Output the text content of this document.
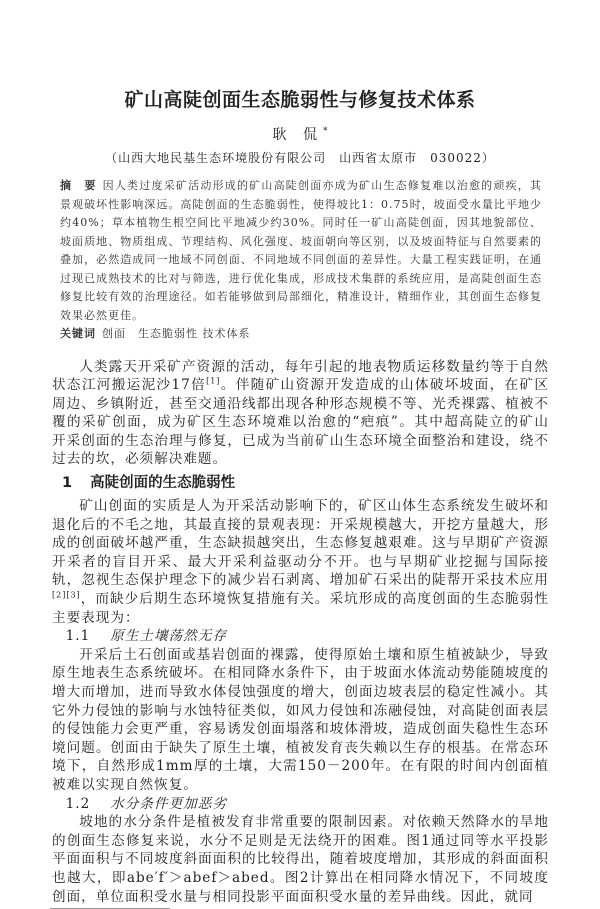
矿山高陡创面生态脆弱性与修复技术体系
耿 侃*
（山西大地民基生态环境股份有限公司　山西省太原市　030022）
摘　要 因人类过度采矿活动形成的矿山高陡创面亦成为矿山生态修复难以治愈的顽疾，其景观破坏性影响深远。高陡创面的生态脆弱性，使得坡比1：0.75时，坡面受水量比平地少约40%；草本植物生根空间比平地减少约30%。同时任一矿山高陡创面，因其地貌部位、坡面质地、物质组成、节理结构、风化强度、坡面朝向等区别，以及坡面特征与自然要素的叠加，必然造成同一地域不同创面、不同地域不同创面的差异性。大量工程实践证明，在通过现已成熟技术的比对与筛选，进行优化集成，形成技术集群的系统应用，是高陡创面生态修复比较有效的治理途径。如若能够做到局部细化，精准设计，精细作业，其创面生态修复效果必然更佳。
关键词 创面　生态脆弱性 技术体系

人类露天开采矿产资源的活动，每年引起的地表物质运移数量约等于自然状态江河搬运泥沙17倍[1]。伴随矿山资源开发造成的山体破坏坡面，在矿区周边、乡镇附近，甚至交通沿线都出现各种形态规模不等、光秃裸露、植被不覆的采矿创面，成为矿区生态环境难以治愈的“疤痕”。其中超高陡立的矿山开采创面的生态治理与修复，已成为当前矿山生态环境全面整治和建设，绕不过去的坎，必须解决难题。

1 高陡创面的生态脆弱性

矿山创面的实质是人为开采活动影响下的，矿区山体生态系统发生破坏和退化后的不毛之地，其最直接的景观表现：开采规模越大，开挖方量越大，形成的创面破坏越严重，生态缺损越突出，生态修复越艰难。这与早期矿产资源开采者的盲目开采、最大开采利益驱动分不开。也与早期矿业挖掘与国际接轨，忽视生态保护理念下的减少岩石剥离、增加矿石采出的陡帮开采技术应用[2][3]，而缺少后期生态环境恢复措施有关。采坑形成的高度创面的生态脆弱性主要表现为：

1.1 原生土壤荡然无存

开采后土石创面或基岩创面的裸露，使得原始土壤和原生植被缺少，导致原生地表生态系统破坏。在相同降水条件下，由于坡面水体流动势能随坡度的增大而增加，进而导致水体侵蚀强度的增大，创面边坡表层的稳定性减小。其它外力侵蚀的影响与水蚀特征类似，如风力侵蚀和冻融侵蚀，对高陡创面表层的侵蚀能力会更严重，容易诱发创面塌落和坡体滑坡，造成创面失稳性生态环境问题。创面由于缺失了原生土壤，植被发育丧失赖以生存的根基。在常态环境下，自然形成1mm厚的土壤，大需150－200年。在有限的时间内创面植被难以实现自然恢复。

1.2 水分条件更加恶劣

坡地的水分条件是植被发育非常重要的限制因素。对依赖天然降水的旱地的创面生态修复来说，水分不足则是无法绕开的困难。图1通过同等水平投影平面面积与不同坡度斜面面积的比较得出，随着坡度增加，其形成的斜面面积也越大，即abe′f′＞abef＞abed。图2计算出在相同降水情况下，不同坡度创面，单位面积受水量与相同投影平面面积受水量的差异曲线。因此，就同
